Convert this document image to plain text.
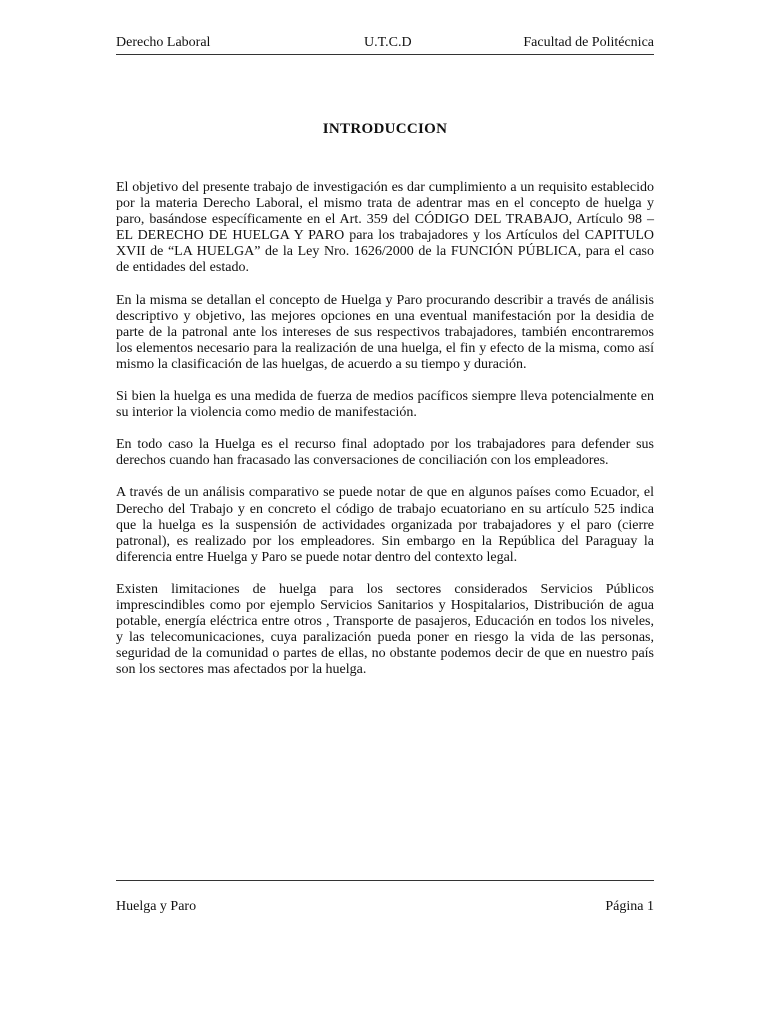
Derecho Laboral	U.T.C.D	Facultad de Politécnica
INTRODUCCION

El objetivo del presente trabajo de investigación es dar cumplimiento a un requisito establecido por la materia Derecho Laboral, el mismo trata de adentrar mas en el concepto de huelga y paro, basándose específicamente en el Art. 359 del CÓDIGO DEL TRABAJO, Artículo 98 – EL DERECHO DE HUELGA Y PARO para los trabajadores y los Artículos del CAPITULO XVII de “LA HUELGA” de la Ley Nro. 1626/2000 de la FUNCIÓN PÚBLICA, para el caso de entidades del estado.

En la misma se detallan el concepto de Huelga y Paro procurando describir a través de análisis descriptivo y objetivo, las mejores opciones en una eventual manifestación por la desidia de parte de la patronal ante los intereses de sus respectivos trabajadores, también encontraremos los elementos necesario para la realización de una huelga, el fin y efecto de la misma, como así mismo la clasificación de las huelgas, de acuerdo a su tiempo y duración.

Si bien la huelga es una medida de fuerza de medios pacíficos siempre lleva potencialmente en su interior la violencia como medio de manifestación.

En todo caso la Huelga es el recurso final adoptado por los trabajadores para defender sus derechos cuando han fracasado las conversaciones de conciliación con los empleadores.

A través de un análisis comparativo se puede notar de que en algunos países como Ecuador, el Derecho del Trabajo y en concreto el código de trabajo ecuatoriano en su artículo 525 indica que la huelga es la suspensión de actividades organizada por trabajadores y el paro (cierre patronal), es realizado por los empleadores. Sin embargo en la República del Paraguay la diferencia entre Huelga y Paro se puede notar dentro del contexto legal.

Existen limitaciones de huelga para los sectores considerados Servicios Públicos imprescindibles como por ejemplo Servicios Sanitarios y Hospitalarios, Distribución de agua potable, energía eléctrica entre otros , Transporte de pasajeros, Educación en todos los niveles, y las telecomunicaciones, cuya paralización pueda poner en riesgo la vida de las personas, seguridad de la comunidad o partes de ellas, no obstante podemos decir de que en nuestro país son los sectores mas afectados por la huelga.

Huelga y Paro	Página 1
